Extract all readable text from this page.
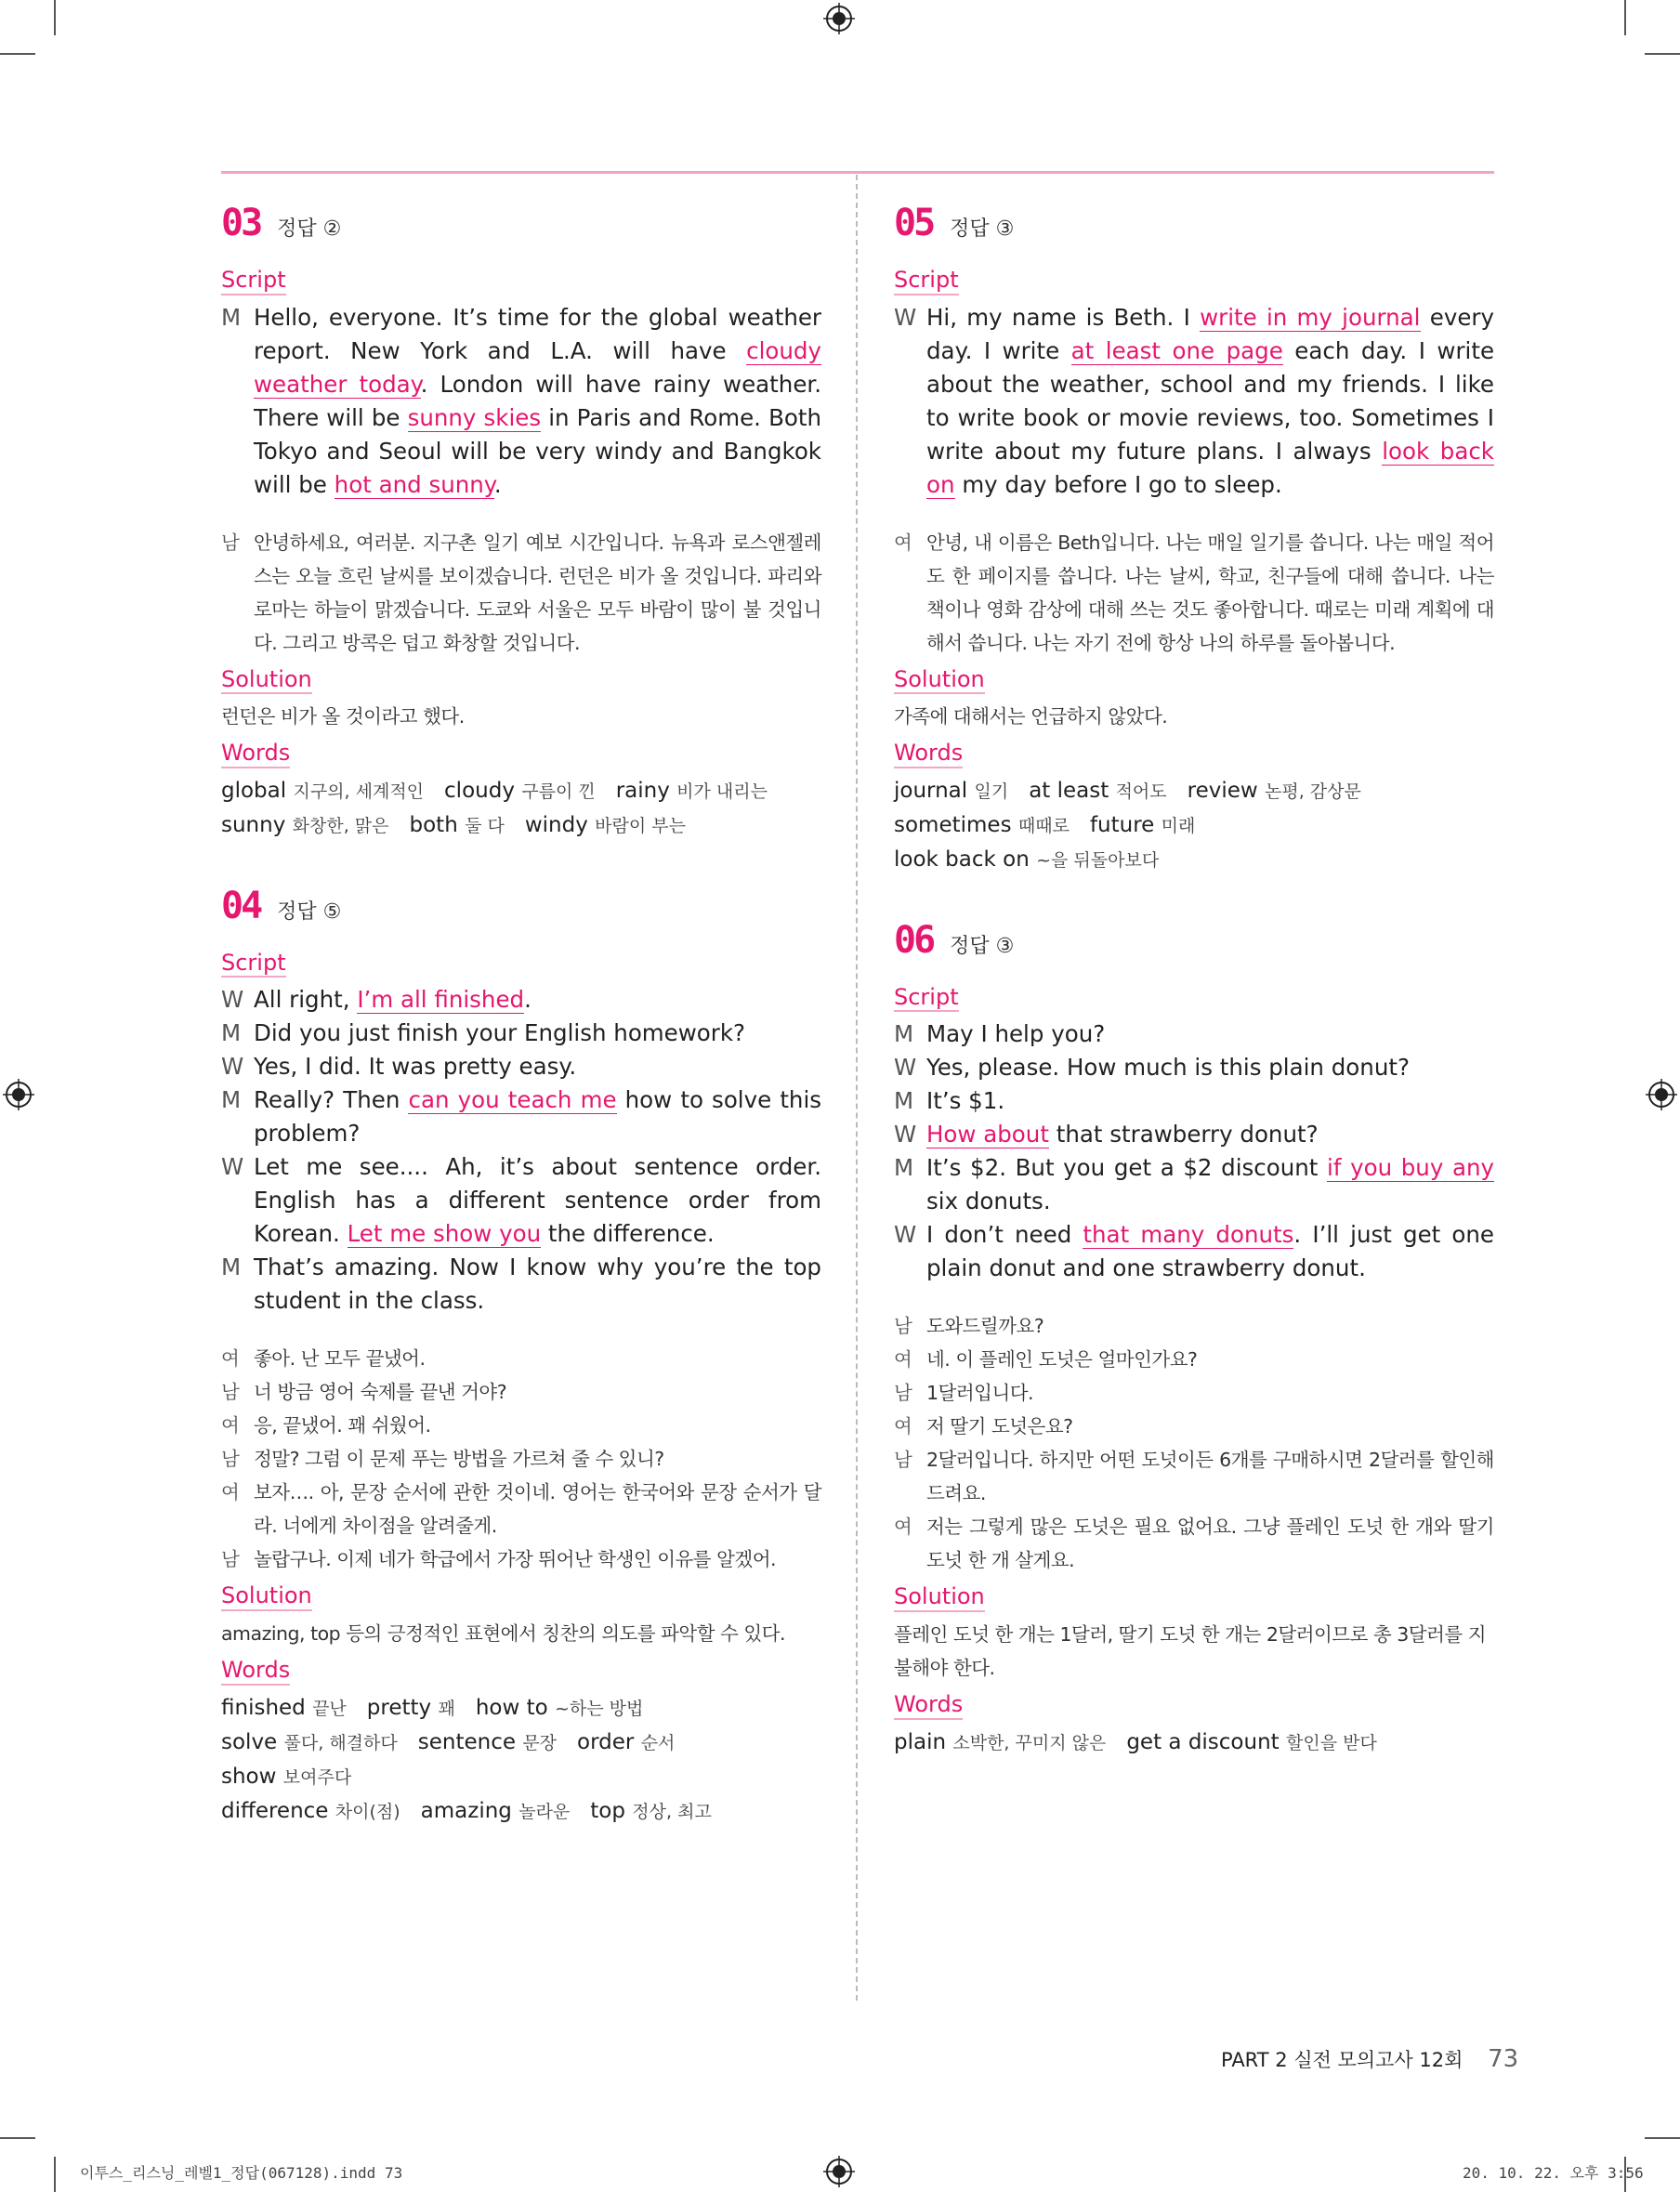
03 정답 ②
Script
M Hello, everyone. It’s time for the global weather report. New York and L.A. will have cloudy weather today. London will have rainy weather. There will be sunny skies in Paris and Rome. Both Tokyo and Seoul will be very windy and Bangkok will be hot and sunny.
남 안녕하세요, 여러분. 지구촌 일기 예보 시간입니다. 뉴욕과 로스앤젤레스는 오늘 흐린 날씨를 보이겠습니다. 런던은 비가 올 것입니다. 파리와 로마는 하늘이 맑겠습니다. 도쿄와 서울은 모두 바람이 많이 불 것입니다. 그리고 방콕은 덥고 화창할 것입니다.
Solution
런던은 비가 올 것이라고 했다.
Words
global 지구의, 세계적인 cloudy 구름이 낀 rainy 비가 내리는
sunny 화창한, 맑은 both 둘 다 windy 바람이 부는
04 정답 ⑤
Script
W All right, I’m all finished.
M Did you just finish your English homework?
W Yes, I did. It was pretty easy.
M Really? Then can you teach me how to solve this problem?
W Let me see.... Ah, it’s about sentence order. English has a different sentence order from Korean. Let me show you the difference.
M That’s amazing. Now I know why you’re the top student in the class.
여 좋아. 난 모두 끝냈어.
남 너 방금 영어 숙제를 끝낸 거야?
여 응, 끝냈어. 꽤 쉬웠어.
남 정말? 그럼 이 문제 푸는 방법을 가르쳐 줄 수 있니?
여 보자…. 아, 문장 순서에 관한 것이네. 영어는 한국어와 문장 순서가 달라. 너에게 차이점을 알려줄게.
남 놀랍구나. 이제 네가 학급에서 가장 뛰어난 학생인 이유를 알겠어.
Solution
amazing, top 등의 긍정적인 표현에서 칭찬의 의도를 파악할 수 있다.
Words
finished 끝난 pretty 꽤 how to ~하는 방법
solve 풀다, 해결하다 sentence 문장 order 순서show 보여주다
difference 차이(점) amazing 놀라운 top 정상, 최고
05 정답 ③
Script
W Hi, my name is Beth. I write in my journal every day. I write at least one page each day. I write about the weather, school and my friends. I like to write book or movie reviews, too. Sometimes I write about my future plans. I always look back on my day before I go to sleep.
여 안녕, 내 이름은 Beth입니다. 나는 매일 일기를 씁니다. 나는 매일 적어도 한 페이지를 씁니다. 나는 날씨, 학교, 친구들에 대해 씁니다. 나는 책이나 영화 감상에 대해 쓰는 것도 좋아합니다. 때로는 미래 계획에 대해서 씁니다. 나는 자기 전에 항상 나의 하루를 돌아봅니다.
Solution
가족에 대해서는 언급하지 않았다.
Words
journal 일기 at least 적어도 review 논평, 감상문
sometimes 때때로 future 미래look back on ~을 뒤돌아보다
06 정답 ③
Script
M May I help you?
W Yes, please. How much is this plain donut?
M It’s $1.
W How about that strawberry donut?
M It’s $2. But you get a $2 discount if you buy any six donuts.
W I don’t need that many donuts. I’ll just get one plain donut and one strawberry donut.
남 도와드릴까요?
여 네. 이 플레인 도넛은 얼마인가요?
남 1달러입니다.
여 저 딸기 도넛은요?
남 2달러입니다. 하지만 어떤 도넛이든 6개를 구매하시면 2달러를 할인해 드려요.
여 저는 그렇게 많은 도넛은 필요 없어요. 그냥 플레인 도넛 한 개와 딸기 도넛 한 개 살게요.
Solution
플레인 도넛 한 개는 1달러, 딸기 도넛 한 개는 2달러이므로 총 3달러를 지불해야 한다.
Words
plain 소박한, 꾸미지 않은 get a discount 할인을 받다
PART 2 실전 모의고사 12회 73
이투스_리스닝_레벨1_정답(067128).indd 73	20. 10. 22. 오후 3:56
